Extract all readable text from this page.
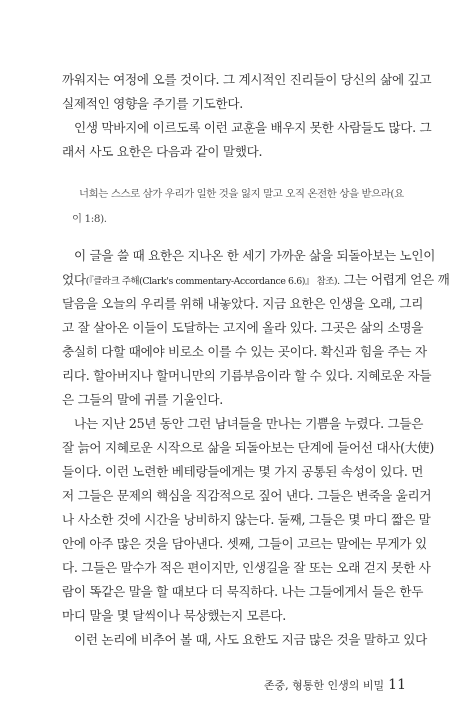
까워지는 여정에 오를 것이다. 그 계시적인 진리들이 당신의 삶에 깊고
실제적인 영향을 주기를 기도한다.
인생 막바지에 이르도록 이런 교훈을 배우지 못한 사람들도 많다. 그
래서 사도 요한은 다음과 같이 말했다.
너희는 스스로 삼가 우리가 일한 것을 잃지 말고 오직 온전한 상을 받으라(요
이 1:8).
이 글을 쓸 때 요한은 지나온 한 세기 가까운 삶을 되돌아보는 노인이
었다(『클라크 주해(Clark's commentary-Accordance 6.6)』 참조). 그는 어렵게 얻은 깨
달음을 오늘의 우리를 위해 내놓았다. 지금 요한은 인생을 오래, 그리
고 잘 살아온 이들이 도달하는 고지에 올라 있다. 그곳은 삶의 소명을
충실히 다할 때에야 비로소 이를 수 있는 곳이다. 확신과 힘을 주는 자
리다. 할아버지나 할머니만의 기름부음이라 할 수 있다. 지혜로운 자들
은 그들의 말에 귀를 기울인다.
나는 지난 25년 동안 그런 남녀들을 만나는 기쁨을 누렸다. 그들은
잘 늙어 지혜로운 시작으로 삶을 되돌아보는 단계에 들어선 대사(大使)
들이다. 이런 노련한 베테랑들에게는 몇 가지 공통된 속성이 있다. 먼
저 그들은 문제의 핵심을 직감적으로 짚어 낸다. 그들은 변죽을 울리거
나 사소한 것에 시간을 낭비하지 않는다. 둘째, 그들은 몇 마디 짧은 말
안에 아주 많은 것을 담아낸다. 셋째, 그들이 고르는 말에는 무게가 있
다. 그들은 말수가 적은 편이지만, 인생길을 잘 또는 오래 걷지 못한 사
람이 똑같은 말을 할 때보다 더 묵직하다. 나는 그들에게서 들은 한두
마디 말을 몇 달씩이나 묵상했는지 모른다.
이런 논리에 비추어 볼 때, 사도 요한도 지금 많은 것을 말하고 있다
존중, 형통한 인생의 비밀 11
